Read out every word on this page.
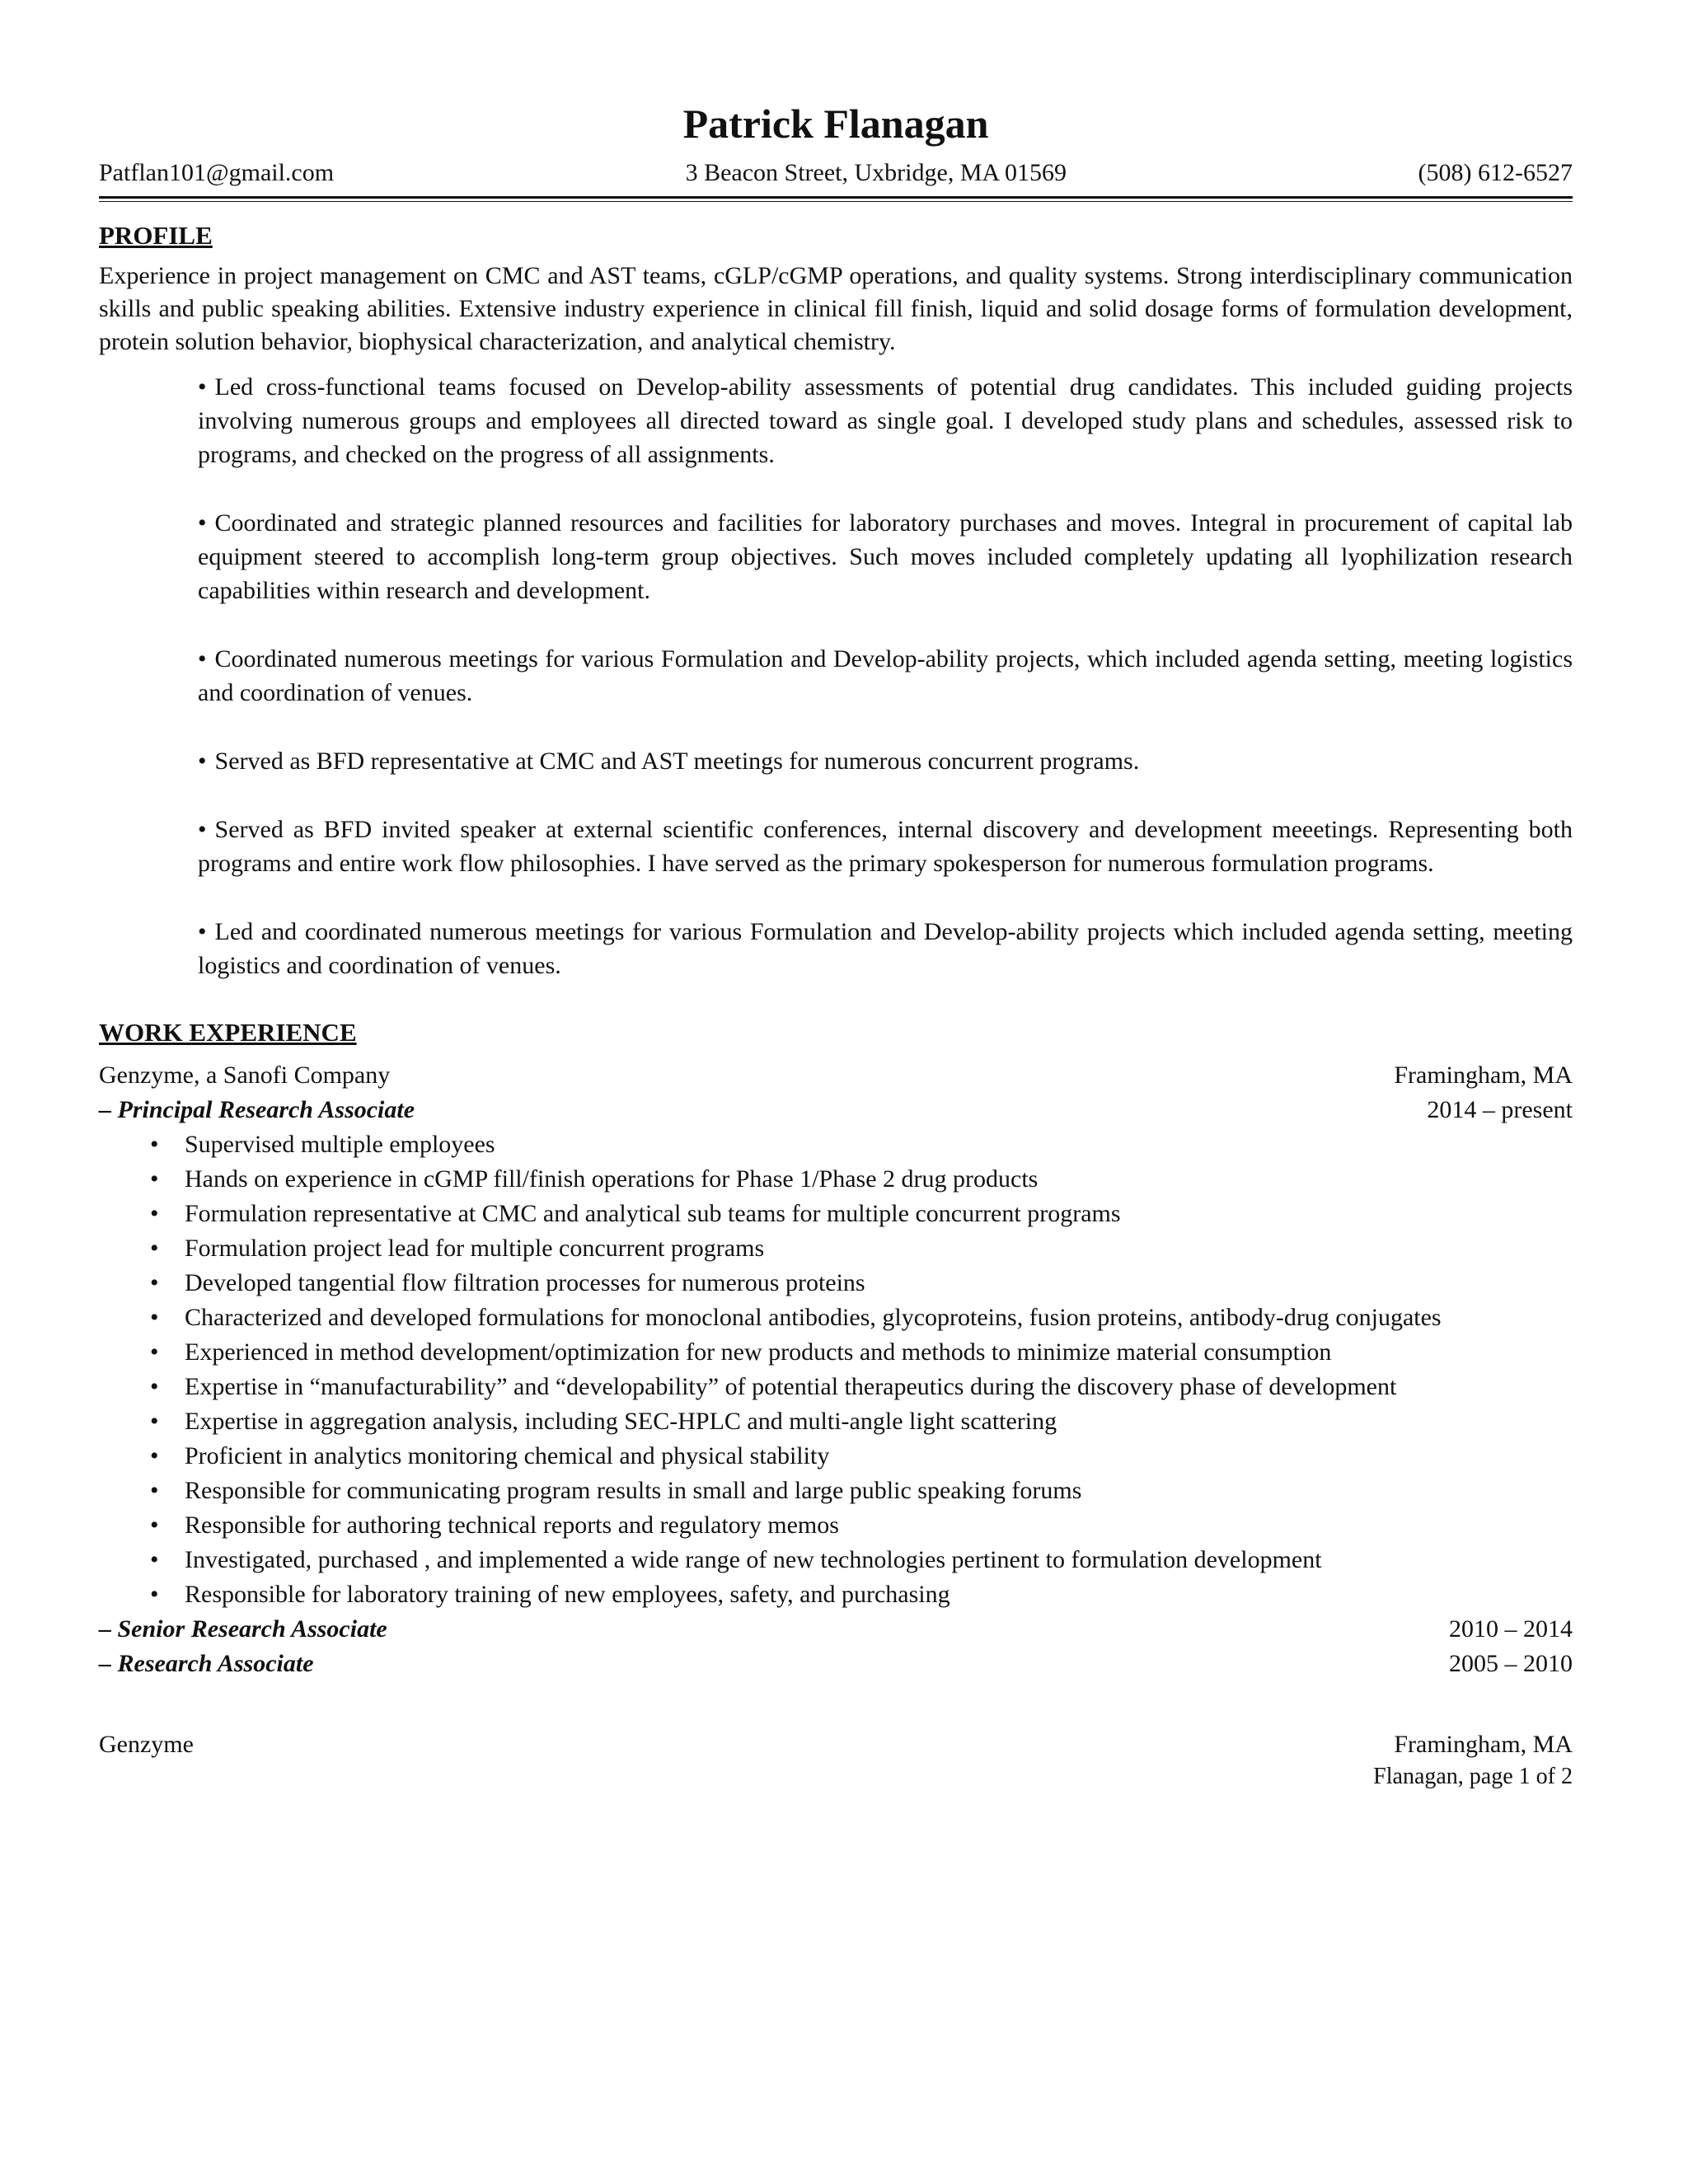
Patrick Flanagan
Patflan101@gmail.com	3 Beacon Street, Uxbridge, MA 01569	(508) 612-6527
PROFILE
Experience in project management on CMC and AST teams, cGLP/cGMP operations, and quality systems. Strong interdisciplinary communication skills and public speaking abilities. Extensive industry experience in clinical fill finish, liquid and solid dosage forms of formulation development, protein solution behavior, biophysical characterization, and analytical chemistry.
• Led cross-functional teams focused on Develop-ability assessments of potential drug candidates. This included guiding projects involving numerous groups and employees all directed toward as single goal. I developed study plans and schedules, assessed risk to programs, and checked on the progress of all assignments.
• Coordinated and strategic planned resources and facilities for laboratory purchases and moves. Integral in procurement of capital lab equipment steered to accomplish long-term group objectives. Such moves included completely updating all lyophilization research capabilities within research and development.
• Coordinated numerous meetings for various Formulation and Develop-ability projects, which included agenda setting, meeting logistics and coordination of venues.
• Served as BFD representative at CMC and AST meetings for numerous concurrent programs.
• Served as BFD invited speaker at external scientific conferences, internal discovery and development meeetings. Representing both programs and entire work flow philosophies. I have served as the primary spokesperson for numerous formulation programs.
• Led and coordinated numerous meetings for various Formulation and Develop-ability projects which included agenda setting, meeting logistics and coordination of venues.
WORK EXPERIENCE
Genzyme, a Sanofi Company	Framingham, MA
– Principal Research Associate	2014 – present
• Supervised multiple employees
• Hands on experience in cGMP fill/finish operations for Phase 1/Phase 2 drug products
• Formulation representative at CMC and analytical sub teams for multiple concurrent programs
• Formulation project lead for multiple concurrent programs
• Developed tangential flow filtration processes for numerous proteins
• Characterized and developed formulations for monoclonal antibodies, glycoproteins, fusion proteins, antibody-drug conjugates
• Experienced in method development/optimization for new products and methods to minimize material consumption
• Expertise in “manufacturability” and “developability” of potential therapeutics during the discovery phase of development
• Expertise in aggregation analysis, including SEC-HPLC and multi-angle light scattering
• Proficient in analytics monitoring chemical and physical stability
• Responsible for communicating program results in small and large public speaking forums
• Responsible for authoring technical reports and regulatory memos
• Investigated, purchased , and implemented a wide range of new technologies pertinent to formulation development
• Responsible for laboratory training of new employees, safety, and purchasing
– Senior Research Associate	2010 – 2014
– Research Associate	2005 – 2010
Genzyme	Framingham, MA
Flanagan, page 1 of 2
